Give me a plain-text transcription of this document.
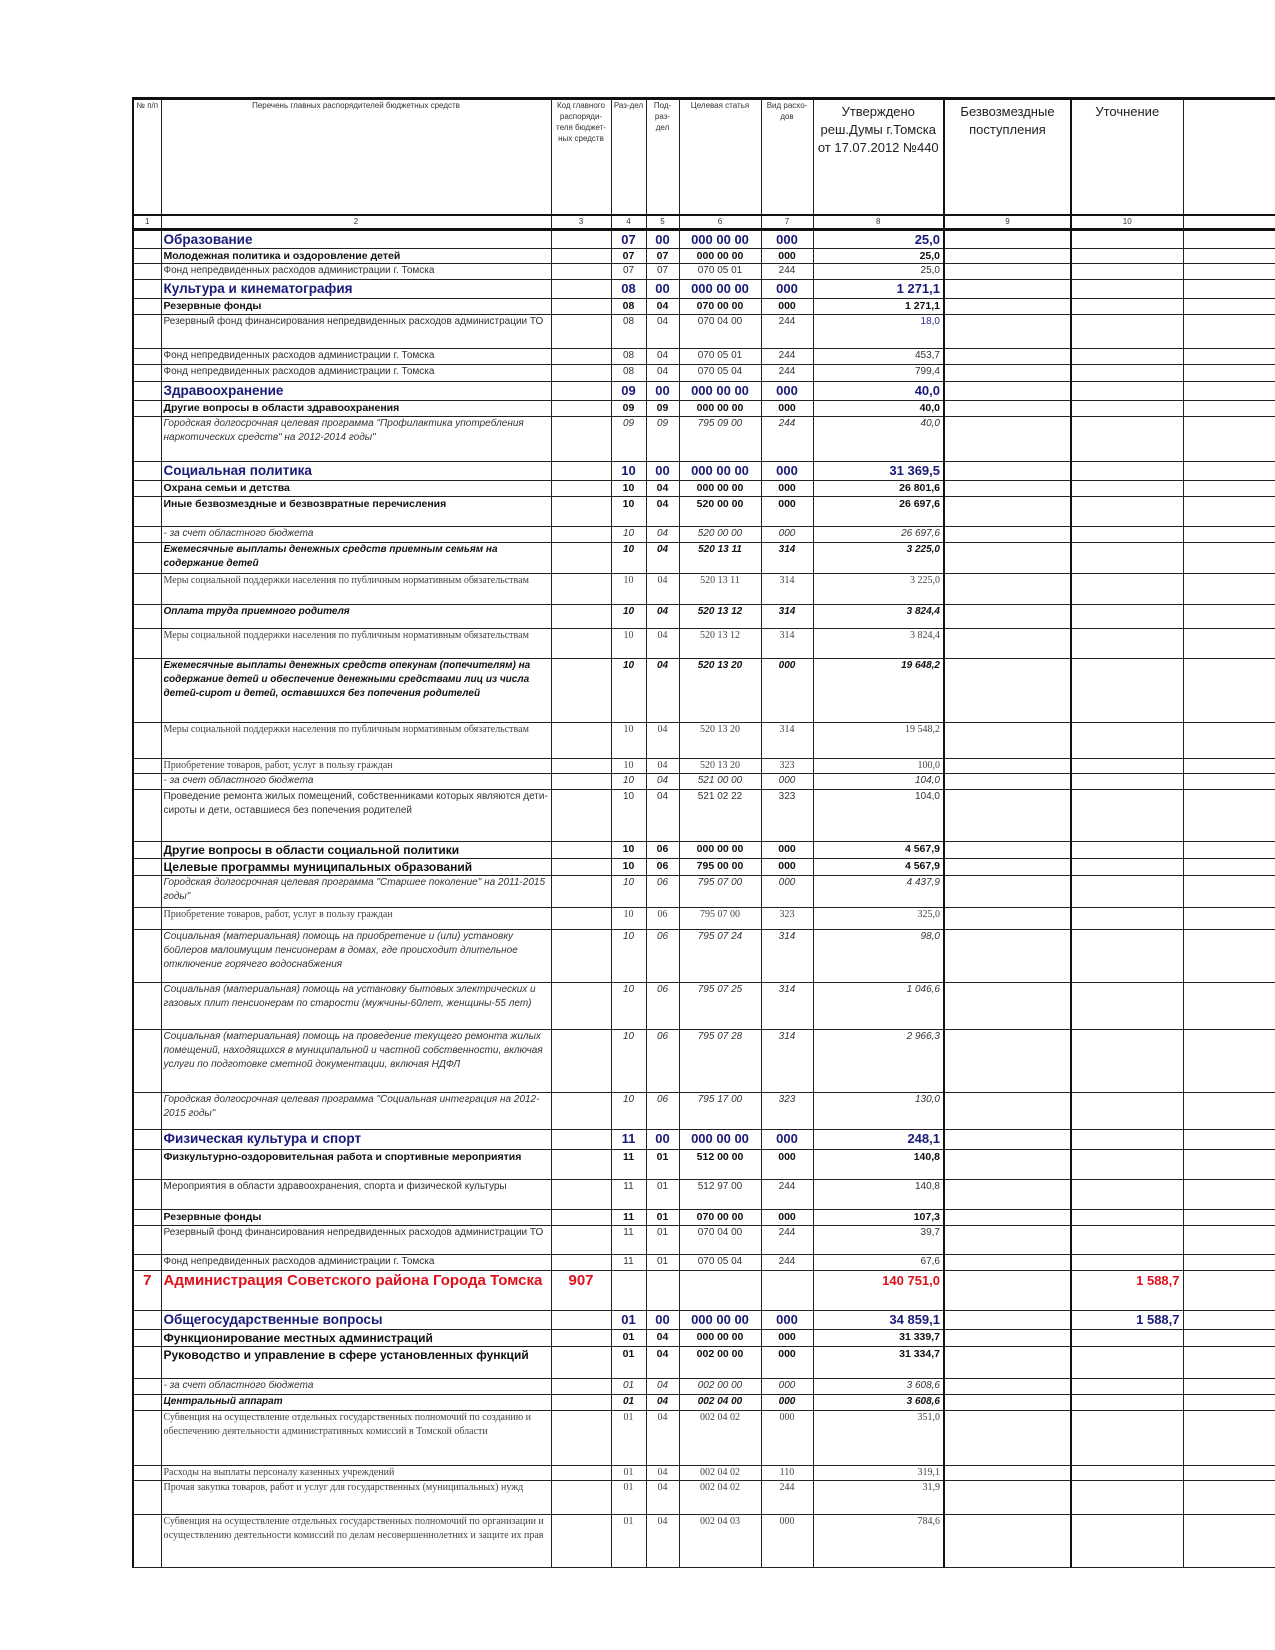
№ п/п	Перечень главных распорядителей бюджетных средств	Код главного распоряди-теля бюджет-ных средств	Раз-дел	Под-раз-дел	Целевая статья	Вид расхо-дов	Утверждено реш.Думы г.Томска от 17.07.2012 №440	Безвозмездные поступления	Уточнение	
1	2	3	4	5	6	7	8	9	10	
	Образование		07	00	000 00 00	000	25,0			
	Молодежная политика и оздоровление детей		07	07	000 00 00	000	25,0			
	Фонд непредвиденных расходов администрации г. Томска		07	07	070 05 01	244	25,0			
	Культура и кинематография		08	00	000 00 00	000	1 271,1			
	Резервные фонды		08	04	070 00 00	000	1 271,1			
	Резервный фонд финансирования непредвиденных расходов администрации ТО		08	04	070 04 00	244	18,0			
	Фонд непредвиденных расходов администрации г. Томска		08	04	070 05 01	244	453,7			
	Фонд непредвиденных расходов администрации г. Томска		08	04	070 05 04	244	799,4			
	Здравоохранение		09	00	000 00 00	000	40,0			
	Другие вопросы в области здравоохранения		09	09	000 00 00	000	40,0			
	Городская долгосрочная целевая программа "Профилактика употребления наркотических средств" на 2012-2014 годы"		09	09	795 09 00	244	40,0			
	Социальная политика		10	00	000 00 00	000	31 369,5			
	Охрана семьи и детства		10	04	000 00 00	000	26 801,6			
	Иные безвозмездные и безвозвратные перечисления		10	04	520 00 00	000	26 697,6			
	- за счет областного бюджета		10	04	520 00 00	000	26 697,6			
	Ежемесячные выплаты денежных средств приемным семьям на содержание детей		10	04	520 13 11	314	3 225,0			
	Меры социальной поддержки населения по публичным нормативным обязательствам		10	04	520 13 11	314	3 225,0			
	Оплата труда приемного родителя		10	04	520 13 12	314	3 824,4			
	Меры социальной поддержки населения по публичным нормативным обязательствам		10	04	520 13 12	314	3 824,4			
	Ежемесячные выплаты денежных средств опекунам (попечителям) на содержание детей и обеспечение денежными средствами лиц из числа детей-сирот и детей, оставшихся без попечения родителей		10	04	520 13 20	000	19 648,2			
	Меры социальной поддержки населения по публичным нормативным обязательствам		10	04	520 13 20	314	19 548,2			
	Приобретение товаров, работ, услуг в пользу граждан		10	04	520 13 20	323	100,0			
	- за счет областного бюджета		10	04	521 00 00	000	104,0			
	Проведение ремонта жилых помещений, собственниками которых являются дети-сироты и дети, оставшиеся без попечения родителей		10	04	521 02 22	323	104,0			
	Другие вопросы в области социальной политики		10	06	000 00 00	000	4 567,9			
	Целевые программы муниципальных образований		10	06	795 00 00	000	4 567,9			
	Городская долгосрочная целевая программа "Старшее поколение" на 2011-2015 годы"		10	06	795 07 00	000	4 437,9			
	Приобретение товаров, работ, услуг в пользу граждан		10	06	795 07 00	323	325,0			
	Социальная (материальная) помощь на приобретение и (или) установку бойлеров малоимущим пенсионерам в домах, где происходит длительное отключение горячего водоснабжения		10	06	795 07 24	314	98,0			
	Социальная (материальная) помощь на установку бытовых электрических и газовых плит пенсионерам по старости (мужчины-60лет, женщины-55 лет)		10	06	795 07 25	314	1 046,6			
	Социальная (материальная) помощь на проведение текущего ремонта жилых помещений, находящихся в муниципальной и частной собственности, включая услуги по подготовке сметной документации, включая НДФЛ		10	06	795 07 28	314	2 966,3			
	Городская долгосрочная целевая программа "Социальная интеграция на 2012-2015 годы"		10	06	795 17 00	323	130,0			
	Физическая культура и спорт		11	00	000 00 00	000	248,1			
	Физкультурно-оздоровительная работа и спортивные мероприятия		11	01	512 00 00	000	140,8			
	Мероприятия в области здравоохранения, спорта и физической культуры		11	01	512 97 00	244	140,8			
	Резервные фонды		11	01	070 00 00	000	107,3			
	Резервный фонд финансирования непредвиденных расходов администрации ТО		11	01	070 04 00	244	39,7			
	Фонд непредвиденных расходов администрации г. Томска		11	01	070 05 04	244	67,6			
7	Администрация Советского района Города Томска	907					140 751,0		1 588,7	
	Общегосударственные вопросы		01	00	000 00 00	000	34 859,1		1 588,7	
	Функционирование местных администраций		01	04	000 00 00	000	31 339,7			
	Руководство и управление в сфере установленных функций		01	04	002 00 00	000	31 334,7			
	- за счет областного бюджета		01	04	002 00 00	000	3 608,6			
	Центральный аппарат		01	04	002 04 00	000	3 608,6			
	Субвенция на осуществление отдельных государственных полномочий по созданию и обеспечению деятельности административных комиссий в Томской области		01	04	002 04 02	000	351,0			
	Расходы на выплаты персоналу казенных учреждений		01	04	002 04 02	110	319,1			
	Прочая закупка товаров, работ и услуг для государственных (муниципальных) нужд		01	04	002 04 02	244	31,9			
	Субвенция на осуществление отдельных государственных полномочий по организации и осуществлению деятельности комиссий по делам несовершеннолетних и защите их прав		01	04	002 04 03	000	784,6			
